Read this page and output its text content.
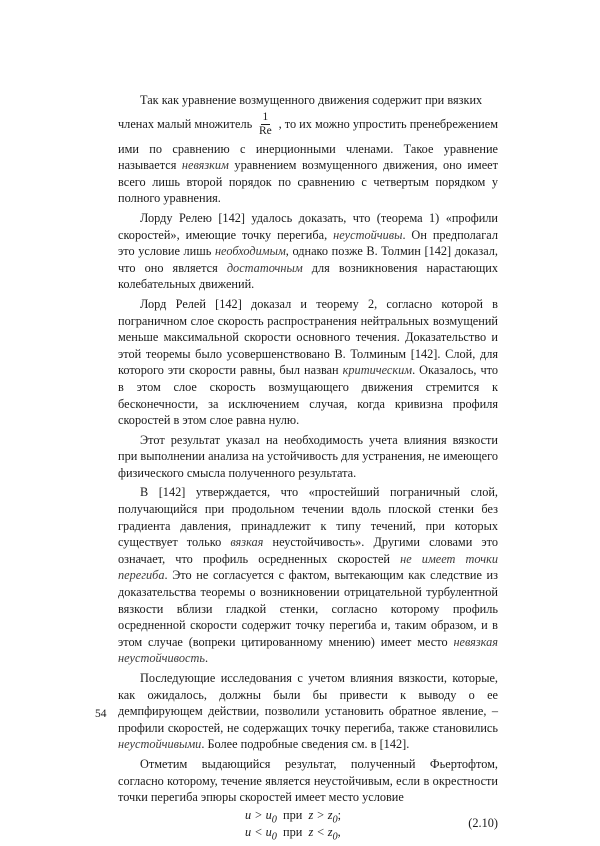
Так как уравнение возмущенного движения содержит при вязких

членах малый множитель $\frac{1}{Re}$ , то их можно упростить пренебрежением

ими по сравнению с инерционными членами. Такое уравнение называется невязким уравнением возмущенного движения, оно имеет всего лишь второй порядок по сравнению с четвертым порядком у полного уравнения.

Лорду Релею [142] удалось доказать, что (теорема 1) «профили скоростей», имеющие точку перегиба, неустойчивы. Он предполагал это условие лишь необходимым, однако позже В. Толмин [142] доказал, что оно является достаточным для возникновения нарастающих колебательных движений.

Лорд Релей [142] доказал и теорему 2, согласно которой в пограничном слое скорость распространения нейтральных возмущений меньше максимальной скорости основного течения. Доказательство и этой теоремы было усовершенствовано В. Толминым [142]. Слой, для которого эти скорости равны, был назван критическим. Оказалось, что в этом слое скорость возмущающего движения стремится к бесконечности, за исключением случая, когда кривизна профиля скоростей в этом слое равна нулю.

Этот результат указал на необходимость учета влияния вязкости при выполнении анализа на устойчивость для устранения, не имеющего физического смысла полученного результата.

В [142] утверждается, что «простейший пограничный слой, получающийся при продольном течении вдоль плоской стенки без градиента давления, принадлежит к типу течений, при которых существует только вязкая неустойчивость». Другими словами это означает, что профиль осредненных скоростей не имеет точки перегиба. Это не согласуется с фактом, вытекающим как следствие из доказательства теоремы о возникновении отрицательной турбулентной вязкости вблизи гладкой стенки, согласно которому профиль осредненной скорости содержит точку перегиба и, таким образом, и в этом случае (вопреки цитированному мнению) имеет место невязкая неустойчивость.

Последующие исследования с учетом влияния вязкости, которые, как ожидалось, должны были бы привести к выводу о ее демпфирующем действии, позволили установить обратное явление, – профили скоростей, не содержащих точку перегиба, также становились неустойчивыми. Более подробные сведения см. в [142].

Отметим выдающийся результат, полученный Фьертофтом, согласно которому, течение является неустойчивым, если в окрестности точки перегиба эпюры скоростей имеет место условие

$u > u_0$ при $z > z_0$;
$u < u_0$ при $z < z_0$,
(2.10)
54
